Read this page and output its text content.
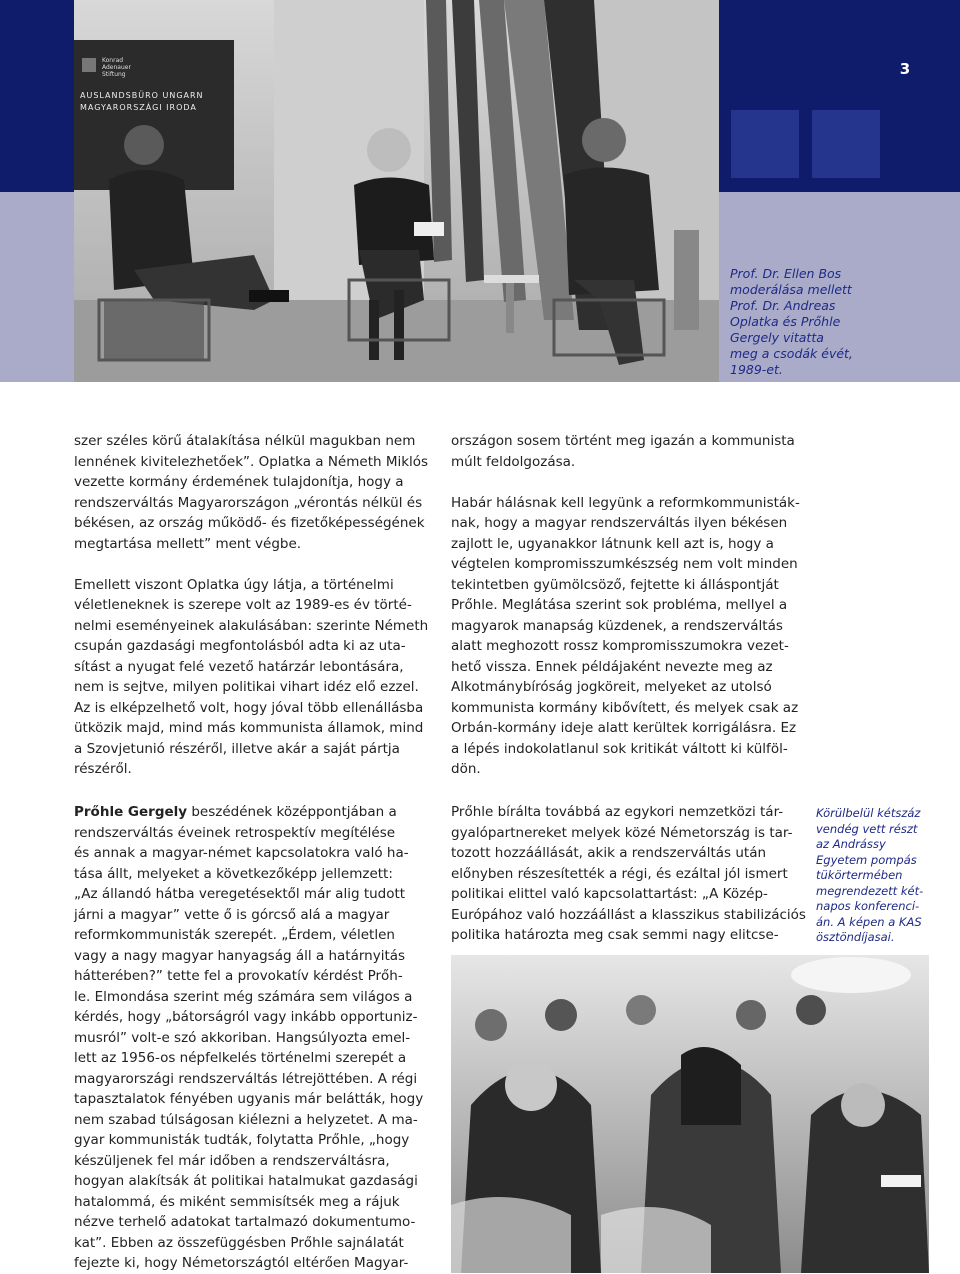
3
Konrad
Adenauer
Stiftung
AUSLANDSBÜRO UNGARN
MAGYARORSZÁGI IRODA
Prof. Dr. Ellen Bos
moderálása mellett
Prof. Dr. Andreas
Oplatka és Prőhle
Gergely vitatta
meg a csodák évét,
1989-et.

szer széles körű átalakítása nélkül magukban nem
lennének kivitelezhetőek”. Oplatka a Németh Miklós
vezette kormány érdemének tulajdonítja, hogy a
rendszerváltás Magyarországon „vérontás nélkül és
békésen, az ország működő- és fizetőképességének
megtartása mellett” ment végbe.

Emellett viszont Oplatka úgy látja, a történelmi
véletleneknek is szerepe volt az 1989-es év törté-
nelmi eseményeinek alakulásában: szerinte Németh
csupán gazdasági megfontolásból adta ki az uta-
sítást a nyugat felé vezető határzár lebontására,
nem is sejtve, milyen politikai vihart idéz elő ezzel.
Az is elképzelhető volt, hogy jóval több ellenállásba
ütközik majd, mind más kommunista államok, mind
a Szovjetunió részéről, illetve akár a saját pártja
részéről.

országon sosem történt meg igazán a kommunista
múlt feldolgozása.

Habár hálásnak kell legyünk a reformkommunisták-
nak, hogy a magyar rendszerváltás ilyen békésen
zajlott le, ugyanakkor látnunk kell azt is, hogy a
végtelen kompromisszumkészség nem volt minden
tekintetben gyümölcsöző, fejtette ki álláspontját
Prőhle. Meglátása szerint sok probléma, mellyel a
magyarok manapság küzdenek, a rendszerváltás
alatt meghozott rossz kompromisszumokra vezet-
hető vissza. Ennek példájaként nevezte meg az
Alkotmánybíróság jogköreit, melyeket az utolsó
kommunista kormány kibővített, és melyek csak az
Orbán-kormány ideje alatt kerültek korrigálásra. Ez
a lépés indokolatlanul sok kritikát váltott ki külföl-
dön.

Prőhle Gergely beszédének középpontjában a
rendszerváltás éveinek retrospektív megítélése
és annak a magyar-német kapcsolatokra való ha-
tása állt, melyeket a következőképp jellemzett:
„Az állandó hátba veregetésektől már alig tudott
járni a magyar” vette ő is górcső alá a magyar
reformkommunisták szerepét. „Érdem, véletlen
vagy a nagy magyar hanyagság áll a határnyitás
hátterében?” tette fel a provokatív kérdést Prőh-
le. Elmondása szerint még számára sem világos a
kérdés, hogy „bátorságról vagy inkább opportuniz-
musról” volt-e szó akkoriban. Hangsúlyozta emel-
lett az 1956-os népfelkelés történelmi szerepét a
magyarországi rendszerváltás létrejöttében. A régi
tapasztalatok fényében ugyanis már belátták, hogy
nem szabad túlságosan kiélezni a helyzetet. A ma-
gyar kommunisták tudták, folytatta Prőhle, „hogy
készüljenek fel már időben a rendszerváltásra,
hogyan alakítsák át politikai hatalmukat gazdasági
hatalommá, és miként semmisítsék meg a rájuk
nézve terhelő adatokat tartalmazó dokumentumo-
kat”. Ebben az összefüggésben Prőhle sajnálatát
fejezte ki, hogy Németországtól eltérően Magyar-
Prőhle bírálta továbbá az egykori nemzetközi tár-
gyalópartnereket melyek közé Németország is tar-
tozott hozzáállását, akik a rendszerváltás után
előnyben részesítették a régi, és ezáltal jól ismert
politikai elittel való kapcsolattartást: „A Közép-
Európához való hozzáállást a klasszikus stabilizációs
politika határozta meg csak semmi nagy elitcse-
Körülbelül kétszáz
vendég vett részt
az Andrássy
Egyetem pompás
tükörtermében
megrendezett két-
napos konferenci-
án. A képen a KAS
ösztöndíjasai.
